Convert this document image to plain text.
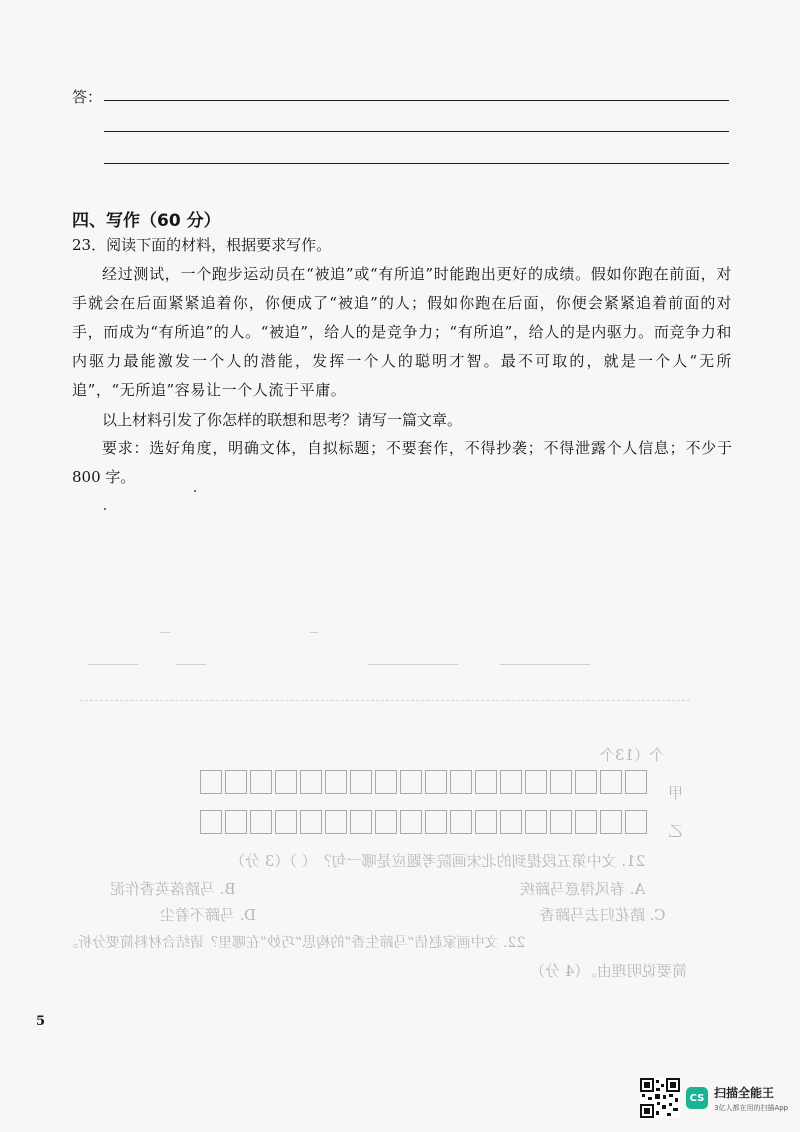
答：
四、写作（60 分）
23．阅读下面的材料，根据要求写作。
经过测试，一个跑步运动员在“被追”或“有所追”时能跑出更好的成绩。假如你跑在前面，对手就会在后面紧紧追着你，你便成了“被追”的人；假如你跑在后面，你便会紧紧追着前面的对手，而成为“有所追”的人。“被追”，给人的是竞争力；“有所追”，给人的是内驱力。而竞争力和内驱力最能激发一个人的潜能，发挥一个人的聪明才智。最不可取的，就是一个人“无所追”，“无所追”容易让一个人流于平庸。
以上材料引发了你怎样的联想和思考？请写一篇文章。
要求：选好角度，明确文体，自拟标题；不要套作，不得抄袭；不得泄露个人信息；不少于 800 字。
个（13个
甲
乙
21. 文中第五段提到的北宋画院考题应是哪一句？（ ）（3 分）
A. 春风得意马蹄疾
B. 马踏落英香作泥
C. 踏花归去马蹄香
D. 马蹄不着尘
22. 文中画家赵佶“马蹄生香”的构思“巧妙”在哪里？请结合材料简要分析。
简要说明理由。（4 分）
5
CS 扫描全能王
3亿人都在用的扫描App
